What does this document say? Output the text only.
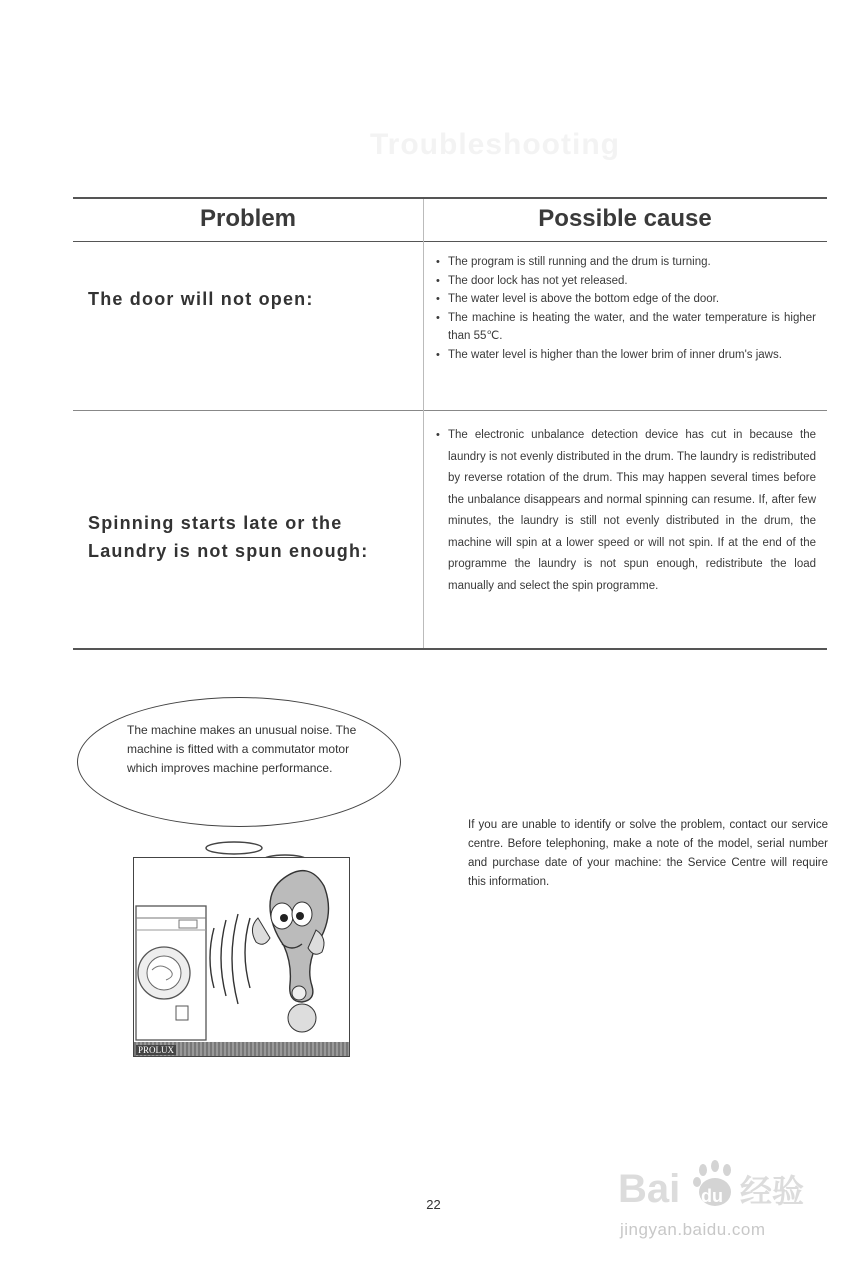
Troubleshooting
Problem	Possible cause
The door will not open:
• The program is still running and the drum is turning.
• The door lock has not yet released.
• The water level is above the bottom edge of the door.
• The machine is heating the water, and the water temperature is higher than 55℃.
• The water level is higher than the lower brim of inner drum's jaws.
Spinning starts late or the
Laundry is not spun enough:
• The electronic unbalance detection device has cut in because the laundry is not evenly distributed in the drum. The laundry is redistributed by reverse rotation of the drum. This may happen several times before the unbalance disappears and normal spinning can resume. If, after few minutes, the laundry is still not evenly distributed in the drum, the machine will spin at a lower speed or will not spin. If at the end of the programme the laundry is not spun enough, redistribute the load manually and select the spin programme.
The machine makes an unusual noise. The machine is fitted with a commutator motor which improves machine performance.
PROLUX
If you are unable to identify or solve the problem, contact our service centre. Before telephoning, make a note of the model, serial number and purchase date of your machine: the Service Centre will require this information.
22	Bai du 经验
jingyan.baidu.com
